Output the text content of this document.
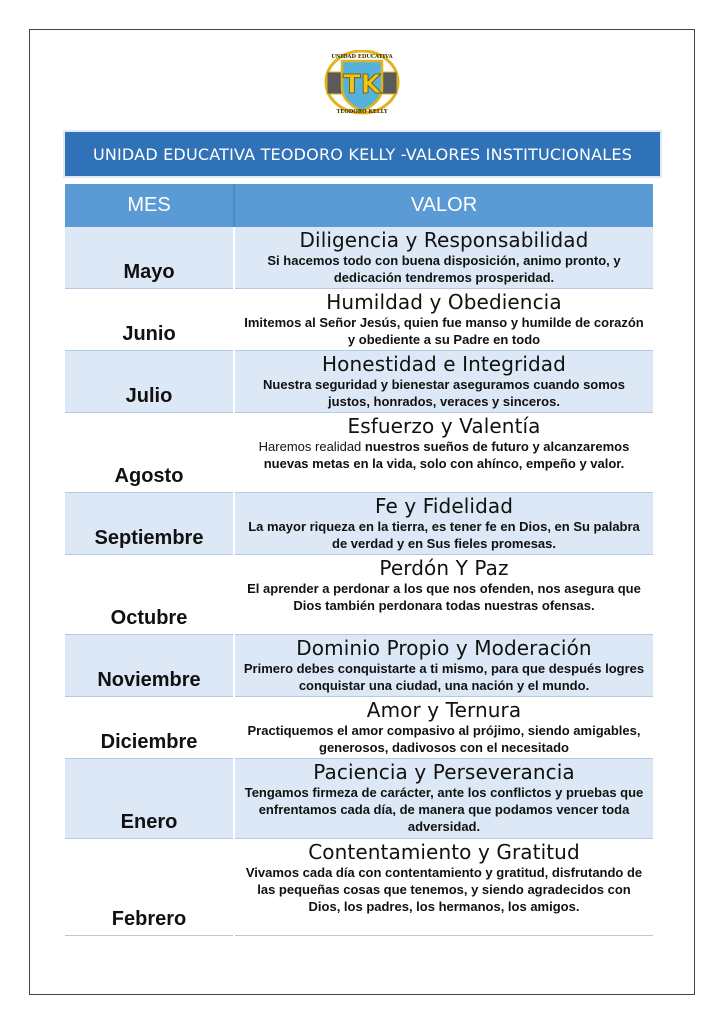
TK
UNIDAD EDUCATIVA
TEODORO KELLY
UNIDAD EDUCATIVA TEODORO KELLY -VALORES INSTITUCIONALES
MES	VALOR
Mayo	Diligencia y Responsabilidad
Si hacemos todo con buena disposición, animo pronto, y dedicación tendremos prosperidad.

Junio	Humildad y Obediencia
Imitemos al Señor Jesús, quien fue manso y humilde de corazón y obediente a su Padre en todo

Julio	Honestidad e Integridad
Nuestra seguridad y bienestar aseguramos cuando somos justos, honrados, veraces y sinceros.

Agosto	Esfuerzo y Valentía
Haremos realidad nuestros sueños de futuro y alcanzaremos nuevas metas en la vida, solo con ahínco, empeño y valor.

Septiembre	Fe y Fidelidad
La mayor riqueza en la tierra, es tener fe en Dios, en Su palabra de verdad y en Sus fieles promesas.

Octubre	Perdón Y Paz
El aprender a perdonar a los que nos ofenden, nos asegura que Dios también perdonara todas nuestras ofensas.

Noviembre	Dominio Propio y Moderación
Primero debes conquistarte a ti mismo, para que después logres conquistar una ciudad, una nación y el mundo.

Diciembre	Amor y Ternura
Practiquemos el amor compasivo al prójimo, siendo amigables, generosos, dadivosos con el necesitado

Enero	Paciencia y Perseverancia
Tengamos firmeza de carácter, ante los conflictos y pruebas que enfrentamos cada día, de manera que podamos vencer toda adversidad.

Febrero	Contentamiento y Gratitud
Vivamos cada día con contentamiento y gratitud, disfrutando de las pequeñas cosas que tenemos, y siendo agradecidos con Dios, los padres, los hermanos, los amigos.
